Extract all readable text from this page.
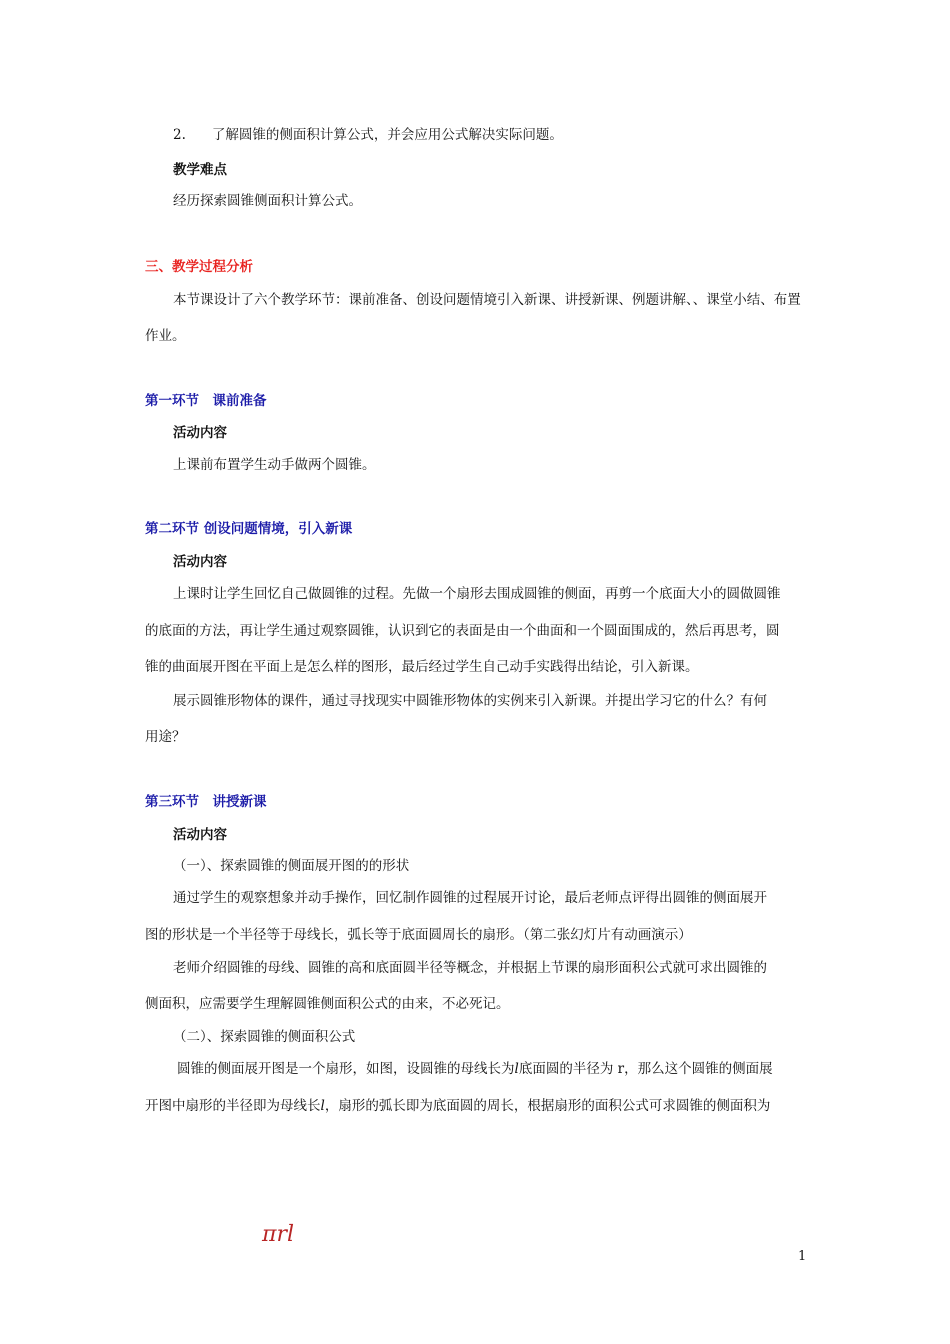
2. 了解圆锥的侧面积计算公式，并会应用公式解决实际问题。

教学难点

经历探索圆锥侧面积计算公式。

三、教学过程分析

本节课设计了六个教学环节：课前准备、创设问题情境引入新课、讲授新课、例题讲解、、课堂小结、布置

作业。

第一环节　课前准备

活动内容

上课前布置学生动手做两个圆锥。

第二环节 创设问题情境，引入新课

活动内容

上课时让学生回忆自己做圆锥的过程。先做一个扇形去围成圆锥的侧面，再剪一个底面大小的圆做圆锥

的底面的方法，再让学生通过观察圆锥，认识到它的表面是由一个曲面和一个圆面围成的，然后再思考，圆

锥的曲面展开图在平面上是怎么样的图形，最后经过学生自己动手实践得出结论，引入新课。

展示圆锥形物体的课件，通过寻找现实中圆锥形物体的实例来引入新课。并提出学习它的什么？有何

用途？

第三环节　讲授新课

活动内容

（一）、探索圆锥的侧面展开图的的形状

通过学生的观察想象并动手操作，回忆制作圆锥的过程展开讨论，最后老师点评得出圆锥的侧面展开

图的形状是一个半径等于母线长，弧长等于底面圆周长的扇形。（第二张幻灯片有动画演示）

老师介绍圆锥的母线、圆锥的高和底面圆半径等概念，并根据上节课的扇形面积公式就可求出圆锥的

侧面积，应需要学生理解圆锥侧面积公式的由来，不必死记。

（二）、探索圆锥的侧面积公式

圆锥的侧面展开图是一个扇形，如图，设圆锥的母线长为l底面圆的半径为 r，那么这个圆锥的侧面展

开图中扇形的半径即为母线长l，扇形的弧长即为底面圆的周长，根据扇形的面积公式可求圆锥的侧面积为

πrl
1
